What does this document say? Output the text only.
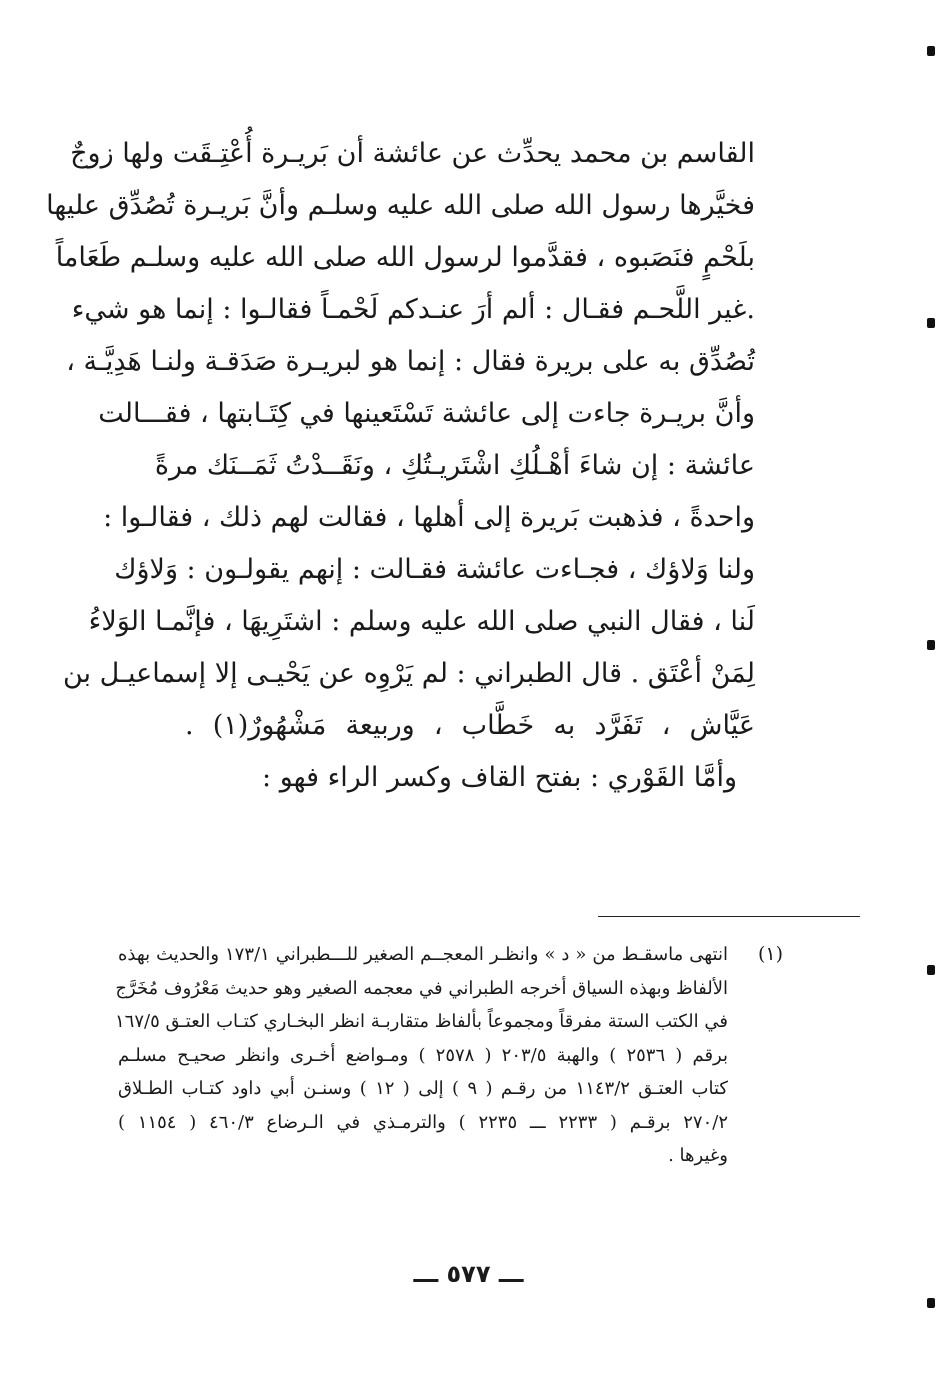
القاسم بن محمد يحدِّث عن عائشة أن بَريـرة أُعْتِـقَت ولها زوجٌ
فخيَّرها رسول الله صلى الله عليه وسلـم وأنَّ بَريـرة تُصُدِّق عليها
بلَحْمٍ فنَصَبوه ، فقدَّموا لرسول الله صلى الله عليه وسلـم طَعَاماً
.غير اللَّحـم فقـال : ألم أرَ عنـدكم لَحْمـاً فقالـوا : إنما هو شيء
تُصُدِّق به على بريرة فقال : إنما هو لبريـرة صَدَقـة ولنـا هَدِيَّـة ،
وأنَّ بريـرة جاءت إلى عائشة تَسْتَعينها في كِتَـابتها ، فقـــالت
عائشة : إن شاءَ أهْـلُكِ اشْتَريـتُكِ ، ونَقَــدْتُ ثَمَــنَك مرةً
واحدةً ، فذهبت بَريرة إلى أهلها ، فقالت لهم ذلك ، فقالـوا :
ولنا وَلاؤك ، فجـاءت عائشة فقـالت : إنهم يقولـون : وَلاؤك
لَنا ، فقال النبي صلى الله عليه وسلم : اشتَرِيهَا ، فإنَّمـا الوَلاءُ
لِمَنْ أعْتَق . قال الطبراني : لم يَرْوِه عن يَحْيـى إلا إسماعيـل بن
عَيَّاش ، تَفَرَّد به خَطَّاب ، وربيعة مَشْهُورٌ(١) .
وأمَّا القَوْري : بفتح القاف وكسر الراء فهو :
(١)
انتهى ماسقـط من « د » وانظـر المعجــم الصغير للـــطبراني ١٧٣/١ والحديث بهذه
الألفاظ وبهذه السياق أخرجه الطبراني في معجمه الصغير وهو حديث مَعْرُوف مُخَرَّج
في الكتب الستة مفرقاً ومجموعاً بألفاظ متقاربـة انظر البخـاري كتـاب العتـق ١٦٧/٥
برقم ( ٢٥٣٦ ) والهبة ٢٠٣/٥ ( ٢٥٧٨ ) ومـواضع أخـرى وانظر صحيـح مسلـم
كتاب العتـق ١١٤٣/٢ من رقـم ( ٩ ) إلى ( ١٢ ) وسنـن أبي داود كتـاب الطـلاق
٢٧٠/٢ برقـم ( ٢٢٣٣ ـــ ٢٢٣٥ ) والترمـذي في الـرضاع ٤٦٠/٣ ( ١١٥٤ )
وغيرها .
ـــ ٥٧٧ ـــ
